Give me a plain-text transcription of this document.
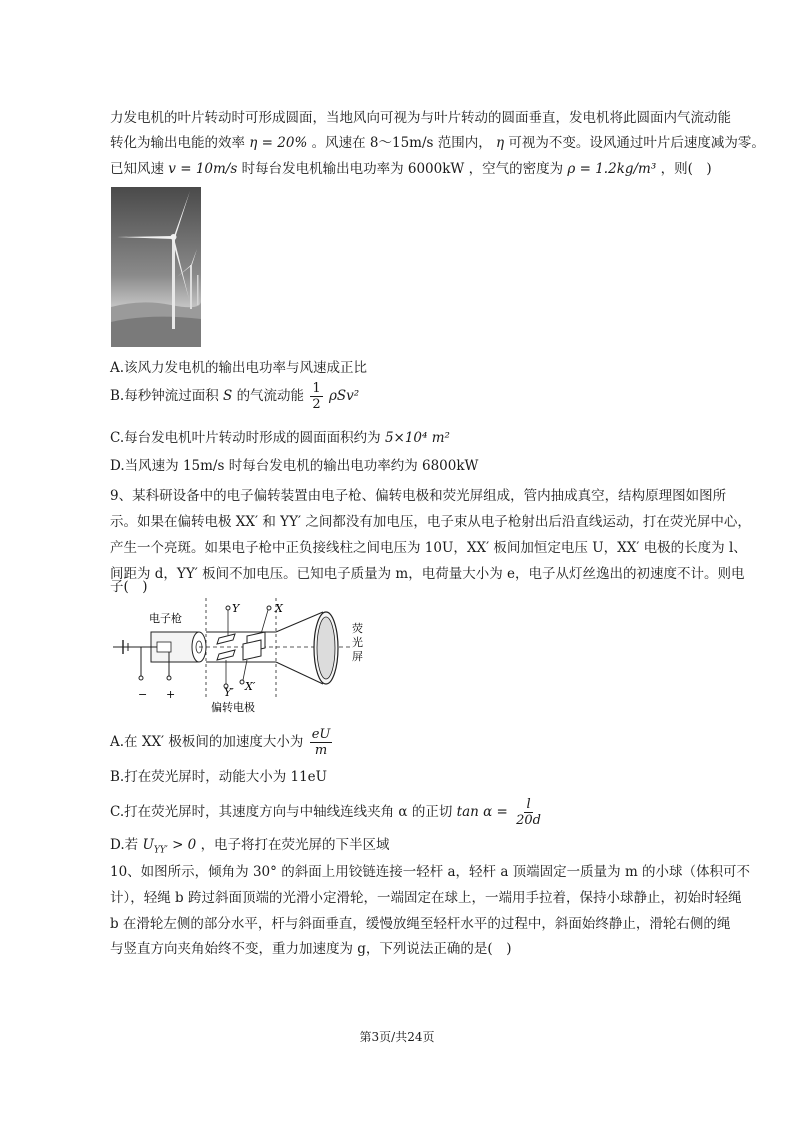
力发电机的叶片转动时可形成圆面，当地风向可视为与叶片转动的圆面垂直，发电机将此圆面内气流动能
转化为输出电能的效率 η = 20% 。风速在 8～15m/s 范围内， η 可视为不变。设风通过叶片后速度减为零。
已知风速 v = 10m/s 时每台发电机输出电功率为 6000kW ，空气的密度为 ρ = 1.2kg/m³ ，则(　)
A.该风力发电机的输出电功率与风速成正比
B.每秒钟流过面积 S 的气流动能 $\frac{1}{2} \rho Sv^2$
C.每台发电机叶片转动时形成的圆面面积约为 5×10⁴ m²
D.当风速为 15m/s 时每台发电机的输出电功率约为 6800kW
9、某科研设备中的电子偏转装置由电子枪、偏转电极和荧光屏组成，管内抽成真空，结构原理图如图所
示。如果在偏转电极 XX′ 和 YY′ 之间都没有加电压，电子束从电子枪射出后沿直线运动，打在荧光屏中心，
产生一个亮斑。如果电子枪中正负接线柱之间电压为 10U，XX′ 板间加恒定电压 U，XX′ 电极的长度为 l、
间距为 d，YY′ 板间不加电压。已知电子质量为 m，电荷量大小为 e，电子从灯丝逸出的初速度不计。则电
子(　)
电子枪
− +
Y
Y′
X
X′
荧
光
屏
偏转电极
A.在 XX′ 极板间的加速度大小为 $\frac{eU}{m}$
B.打在荧光屏时，动能大小为 11eU
C.打在荧光屏时，其速度方向与中轴线连线夹角 α 的正切 $\tan \alpha = \frac{l}{20d}$
D.若 $U_{YY'} > 0$ ，电子将打在荧光屏的下半区域
10、如图所示，倾角为 30° 的斜面上用铰链连接一轻杆 a，轻杆 a 顶端固定一质量为 m 的小球（体积可不
计），轻绳 b 跨过斜面顶端的光滑小定滑轮，一端固定在球上，一端用手拉着，保持小球静止，初始时轻绳
b 在滑轮左侧的部分水平，杆与斜面垂直，缓慢放绳至轻杆水平的过程中，斜面始终静止，滑轮右侧的绳
与竖直方向夹角始终不变，重力加速度为 g，下列说法正确的是(　)
第3页/共24页
